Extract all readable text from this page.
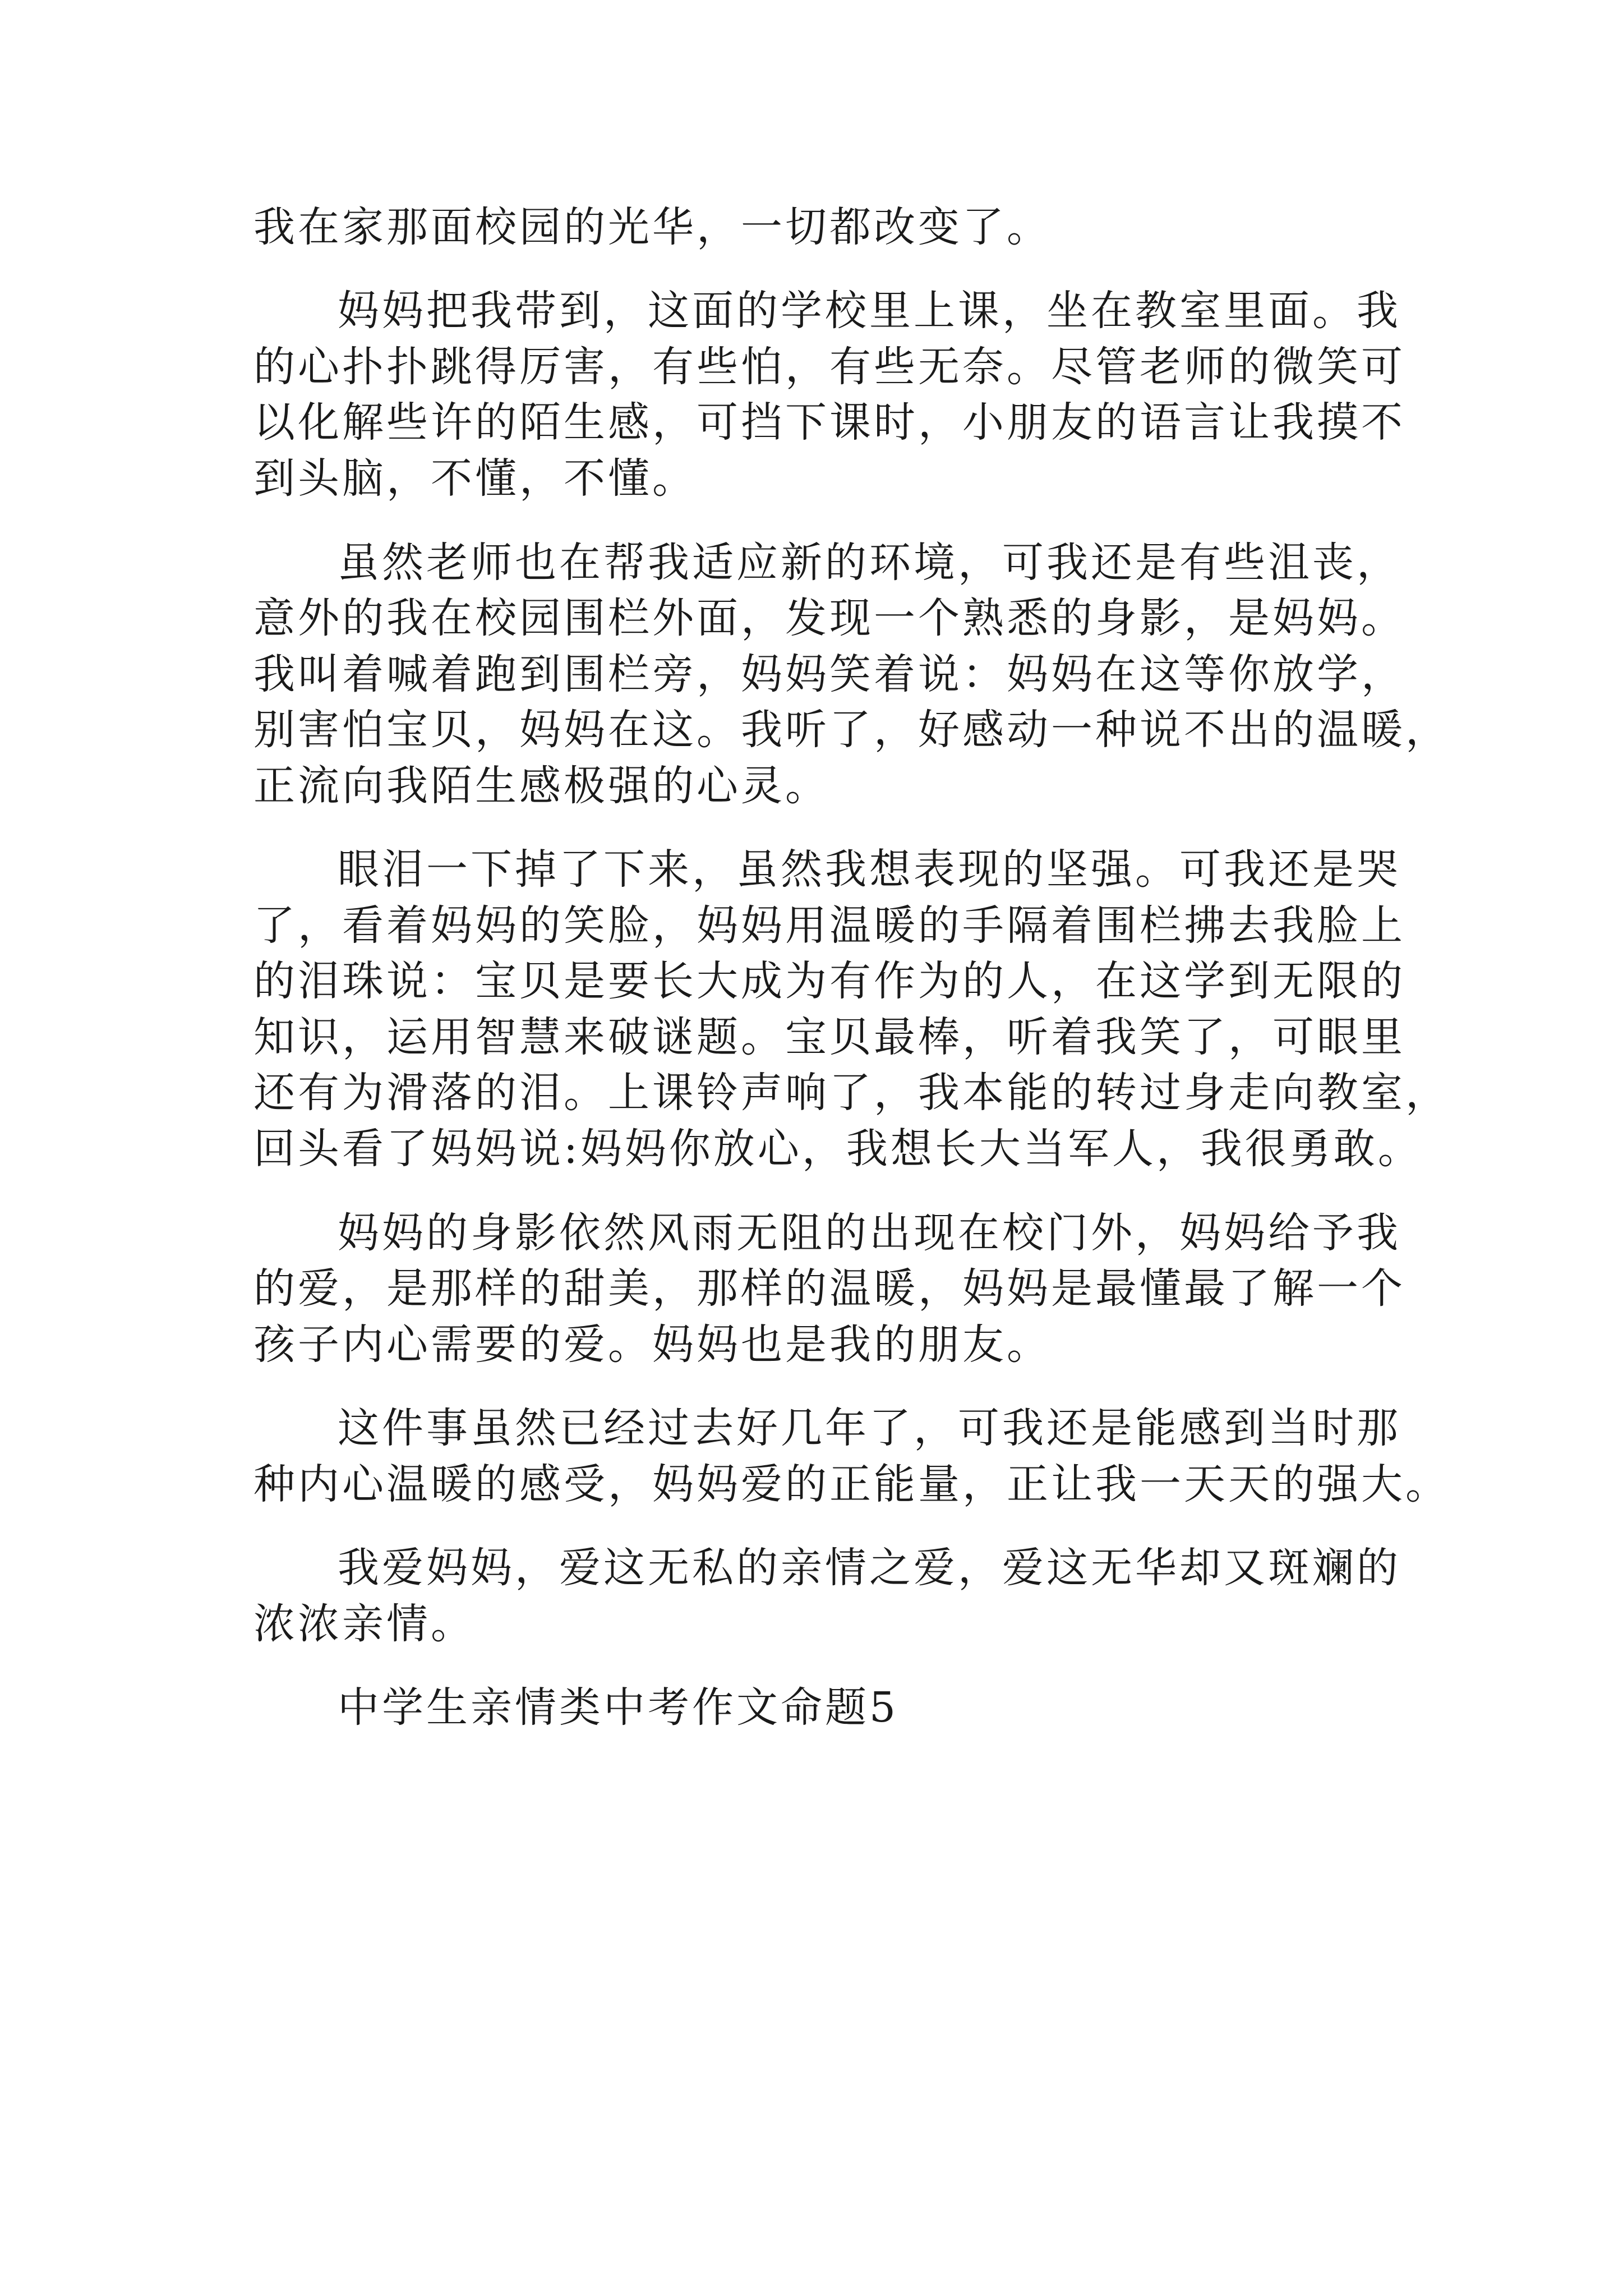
我在家那面校园的光华，一切都改变了。
妈妈把我带到，这面的学校里上课，坐在教室里面。我
的心扑扑跳得厉害，有些怕，有些无奈。尽管老师的微笑可
以化解些许的陌生感，可挡下课时，小朋友的语言让我摸不
到头脑，不懂，不懂。
虽然老师也在帮我适应新的环境，可我还是有些沮丧，
意外的我在校园围栏外面，发现一个熟悉的身影，是妈妈。
我叫着喊着跑到围栏旁，妈妈笑着说：妈妈在这等你放学，
别害怕宝贝，妈妈在这。我听了，好感动一种说不出的温暖，
正流向我陌生感极强的心灵。
眼泪一下掉了下来，虽然我想表现的坚强。可我还是哭
了，看着妈妈的笑脸，妈妈用温暖的手隔着围栏拂去我脸上
的泪珠说：宝贝是要长大成为有作为的人，在这学到无限的
知识，运用智慧来破谜题。宝贝最棒，听着我笑了，可眼里
还有为滑落的泪。上课铃声响了，我本能的转过身走向教室，
回头看了妈妈说:妈妈你放心，我想长大当军人，我很勇敢。
妈妈的身影依然风雨无阻的出现在校门外，妈妈给予我
的爱，是那样的甜美，那样的温暖，妈妈是最懂最了解一个
孩子内心需要的爱。妈妈也是我的朋友。
这件事虽然已经过去好几年了，可我还是能感到当时那
种内心温暖的感受，妈妈爱的正能量，正让我一天天的强大。
我爱妈妈，爱这无私的亲情之爱，爱这无华却又斑斓的
浓浓亲情。
中学生亲情类中考作文命题5
